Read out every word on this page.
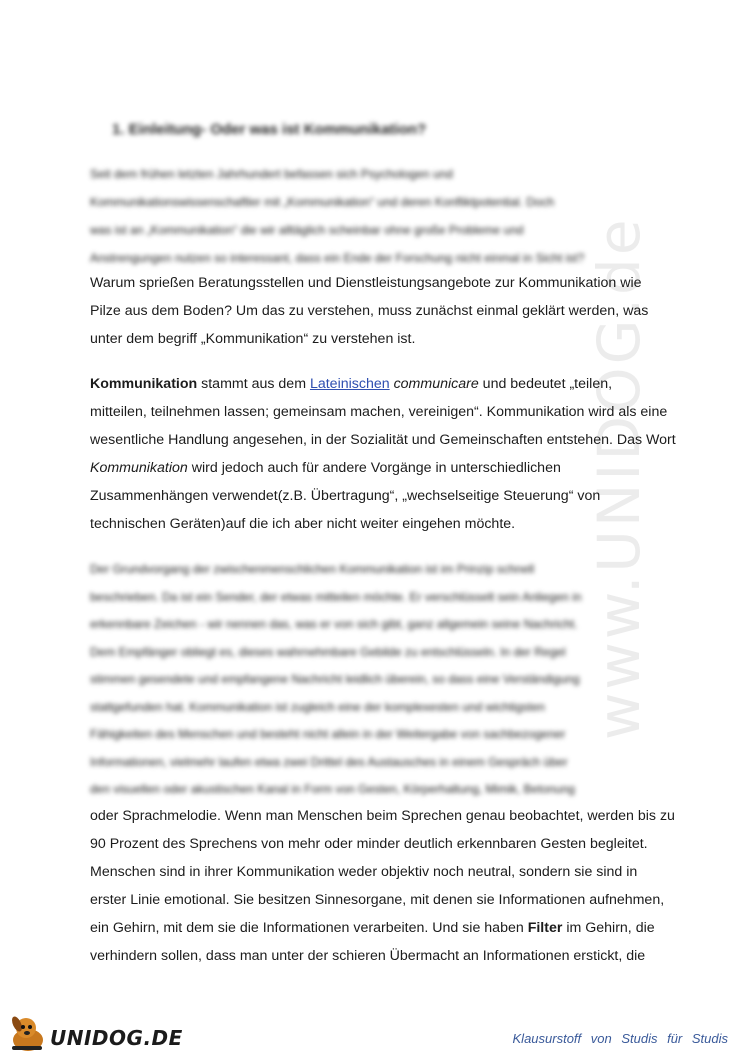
www.UNIDOG.de
1. Einleitung- Oder was ist Kommunikation?
Seit dem frühen letzten Jahrhundert befassen sich Psychologen und
Kommunikationswissenschaftler mit „Kommunikation“ und deren Konfliktpotential. Doch
was ist an „Kommunikation“ die wir alltäglich scheinbar ohne große Probleme und
Anstrengungen nutzen so interessant, dass ein Ende der Forschung nicht einmal in Sicht ist?
Warum sprießen Beratungsstellen und Dienstleistungsangebote zur Kommunikation wie
Pilze aus dem Boden? Um das zu verstehen, muss zunächst einmal geklärt werden, was
unter dem begriff „Kommunikation“ zu verstehen ist.
Kommunikation stammt aus dem Lateinischen communicare und bedeutet „teilen,
mitteilen, teilnehmen lassen; gemeinsam machen, vereinigen“. Kommunikation wird als eine
wesentliche Handlung angesehen, in der Sozialität und Gemeinschaften entstehen. Das Wort
Kommunikation wird jedoch auch für andere Vorgänge in unterschiedlichen
Zusammenhängen verwendet(z.B. Übertragung“, „wechselseitige Steuerung“ von
technischen Geräten)auf die ich aber nicht weiter eingehen möchte.
Der Grundvorgang der zwischenmenschlichen Kommunikation ist im Prinzip schnell
beschrieben. Da ist ein Sender, der etwas mitteilen möchte. Er verschlüsselt sein Anliegen in
erkennbare Zeichen - wir nennen das, was er von sich gibt, ganz allgemein seine Nachricht.
Dem Empfänger obliegt es, dieses wahrnehmbare Gebilde zu entschlüsseln. In der Regel
stimmen gesendete und empfangene Nachricht leidlich überein, so dass eine Verständigung
stattgefunden hat. Kommunikation ist zugleich eine der komplexesten und wichtigsten
Fähigkeiten des Menschen und besteht nicht allein in der Weitergabe von sachbezogener
Informationen, vielmehr laufen etwa zwei Drittel des Austausches in einem Gespräch über
den visuellen oder akustischen Kanal in Form von Gesten, Körperhaltung, Mimik, Betonung
oder Sprachmelodie. Wenn man Menschen beim Sprechen genau beobachtet, werden bis zu
90 Prozent des Sprechens von mehr oder minder deutlich erkennbaren Gesten begleitet.
Menschen sind in ihrer Kommunikation weder objektiv noch neutral, sondern sie sind in
erster Linie emotional. Sie besitzen Sinnesorgane, mit denen sie Informationen aufnehmen,
ein Gehirn, mit dem sie die Informationen verarbeiten. Und sie haben Filter im Gehirn, die
verhindern sollen, dass man unter der schieren Übermacht an Informationen erstickt, die
UNIDOG.DE	Klausurstoff von Studis für Studis
